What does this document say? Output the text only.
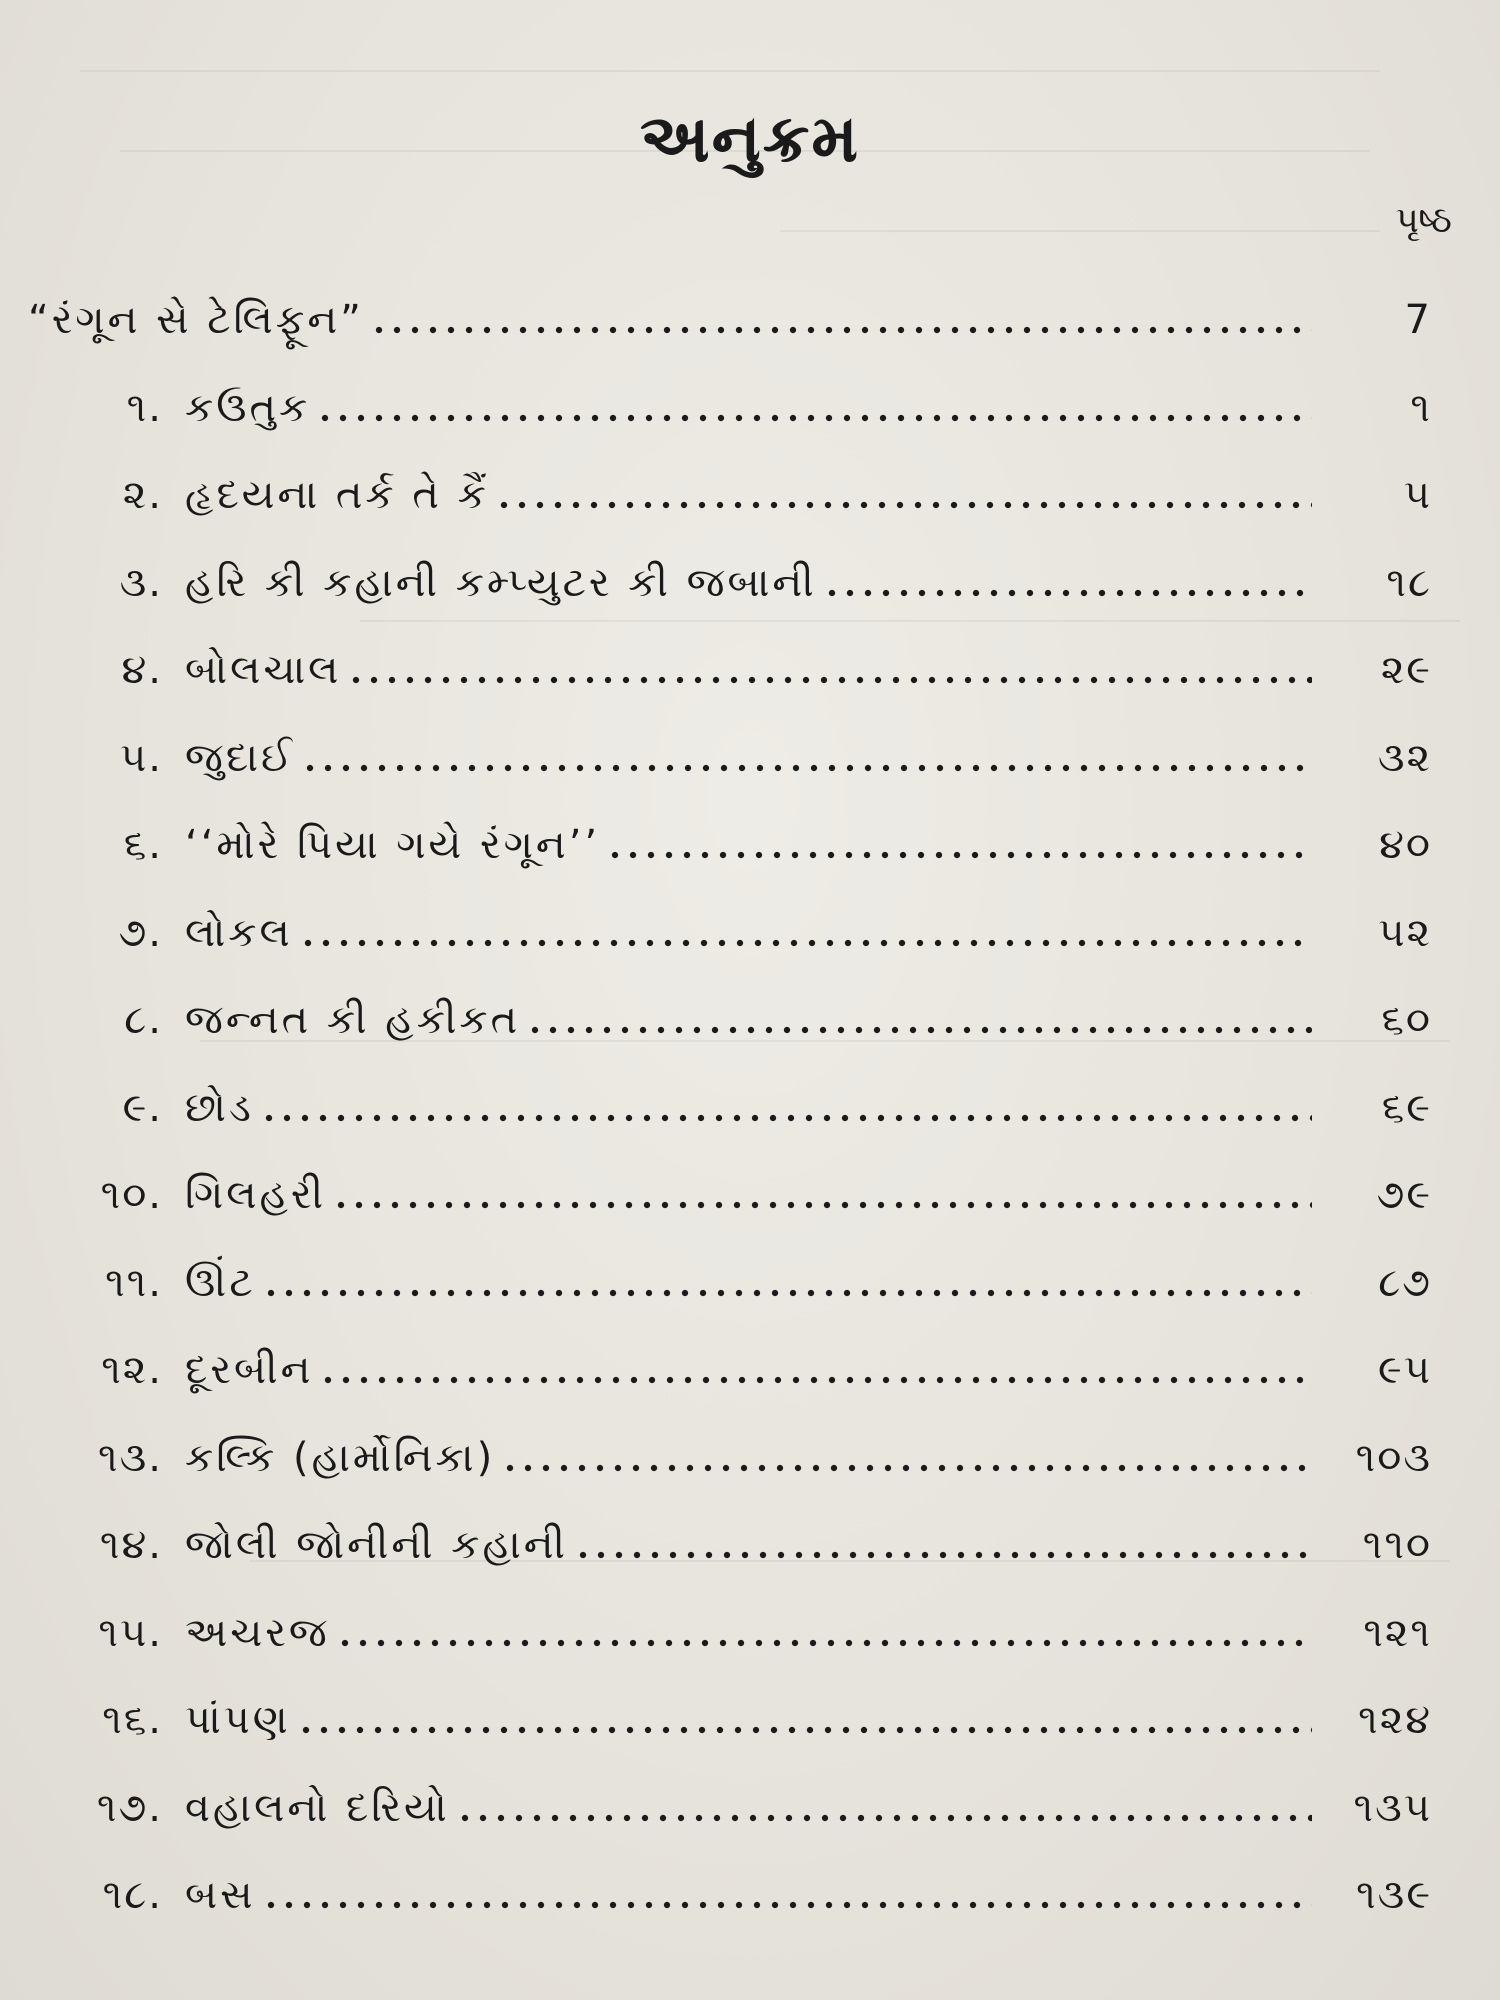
અનુક્રમ
પૃષ્ઠ
“રંગૂન સે ટેલિફૂન”	7
૧. કઉતુક	૧
૨. હૃદયના તર્ક તે કૈં	૫
૩. હરિ કી કહાની કમ્પ્યુટર કી જબાની	૧૮
૪. બોલચાલ	૨૯
૫. જુદાઈ	૩૨
૬. ‘‘મોરે પિયા ગયે રંગૂન’’	૪૦
૭. લોકલ	૫૨
૮. જન્નત કી હકીકત	૬૦
૯. છોડ	૬૯
૧૦. ગિલહરી	૭૯
૧૧. ઊંટ	૮૭
૧૨. દૂરબીન	૯૫
૧૩. કલ્કિ (હાર્મોનિકા)	૧૦૩
૧૪. જોલી જોનીની કહાની	૧૧૦
૧૫. અચરજ	૧૨૧
૧૬. પાંપણ	૧૨૪
૧૭. વહાલનો દરિયો	૧૩૫
૧૮. બસ	૧૩૯
